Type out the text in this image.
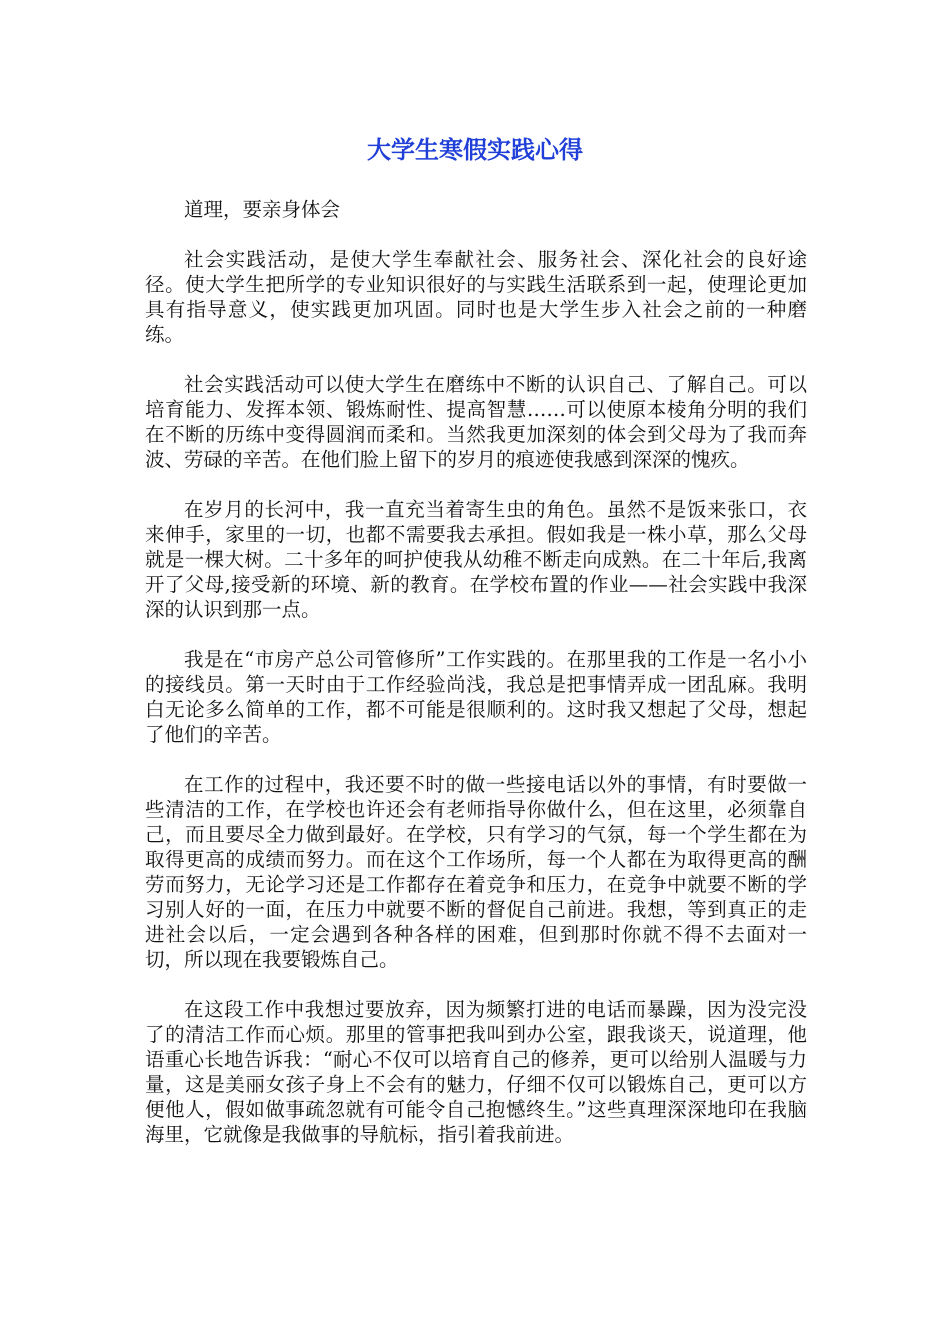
大学生寒假实践心得

道理，要亲身体会

社会实践活动，是使大学生奉献社会、服务社会、深化社会的良好途径。使大学生把所学的专业知识很好的与实践生活联系到一起，使理论更加具有指导意义，使实践更加巩固。同时也是大学生步入社会之前的一种磨练。

社会实践活动可以使大学生在磨练中不断的认识自己、了解自己。可以培育能力、发挥本领、锻炼耐性、提高智慧……可以使原本棱角分明的我们在不断的历练中变得圆润而柔和。当然我更加深刻的体会到父母为了我而奔波、劳碌的辛苦。在他们脸上留下的岁月的痕迹使我感到深深的愧疚。

在岁月的长河中，我一直充当着寄生虫的角色。虽然不是饭来张口，衣来伸手，家里的一切，也都不需要我去承担。假如我是一株小草，那么父母就是一棵大树。二十多年的呵护使我从幼稚不断走向成熟。在二十年后,我离开了父母,接受新的环境、新的教育。在学校布置的作业——社会实践中我深深的认识到那一点。

我是在“市房产总公司管修所”工作实践的。在那里我的工作是一名小小的接线员。第一天时由于工作经验尚浅，我总是把事情弄成一团乱麻。我明白无论多么简单的工作，都不可能是很顺利的。这时我又想起了父母，想起了他们的辛苦。

在工作的过程中，我还要不时的做一些接电话以外的事情，有时要做一些清洁的工作，在学校也许还会有老师指导你做什么，但在这里，必须靠自己，而且要尽全力做到最好。在学校，只有学习的气氛，每一个学生都在为取得更高的成绩而努力。而在这个工作场所，每一个人都在为取得更高的酬劳而努力，无论学习还是工作都存在着竞争和压力，在竞争中就要不断的学习别人好的一面，在压力中就要不断的督促自己前进。我想，等到真正的走进社会以后，一定会遇到各种各样的困难，但到那时你就不得不去面对一切，所以现在我要锻炼自己。

在这段工作中我想过要放弃，因为频繁打进的电话而暴躁，因为没完没了的清洁工作而心烦。那里的管事把我叫到办公室，跟我谈天，说道理，他语重心长地告诉我：“耐心不仅可以培育自己的修养，更可以给别人温暖与力量，这是美丽女孩子身上不会有的魅力，仔细不仅可以锻炼自己，更可以方便他人，假如做事疏忽就有可能令自己抱憾终生。”这些真理深深地印在我脑海里，它就像是我做事的导航标，指引着我前进。
